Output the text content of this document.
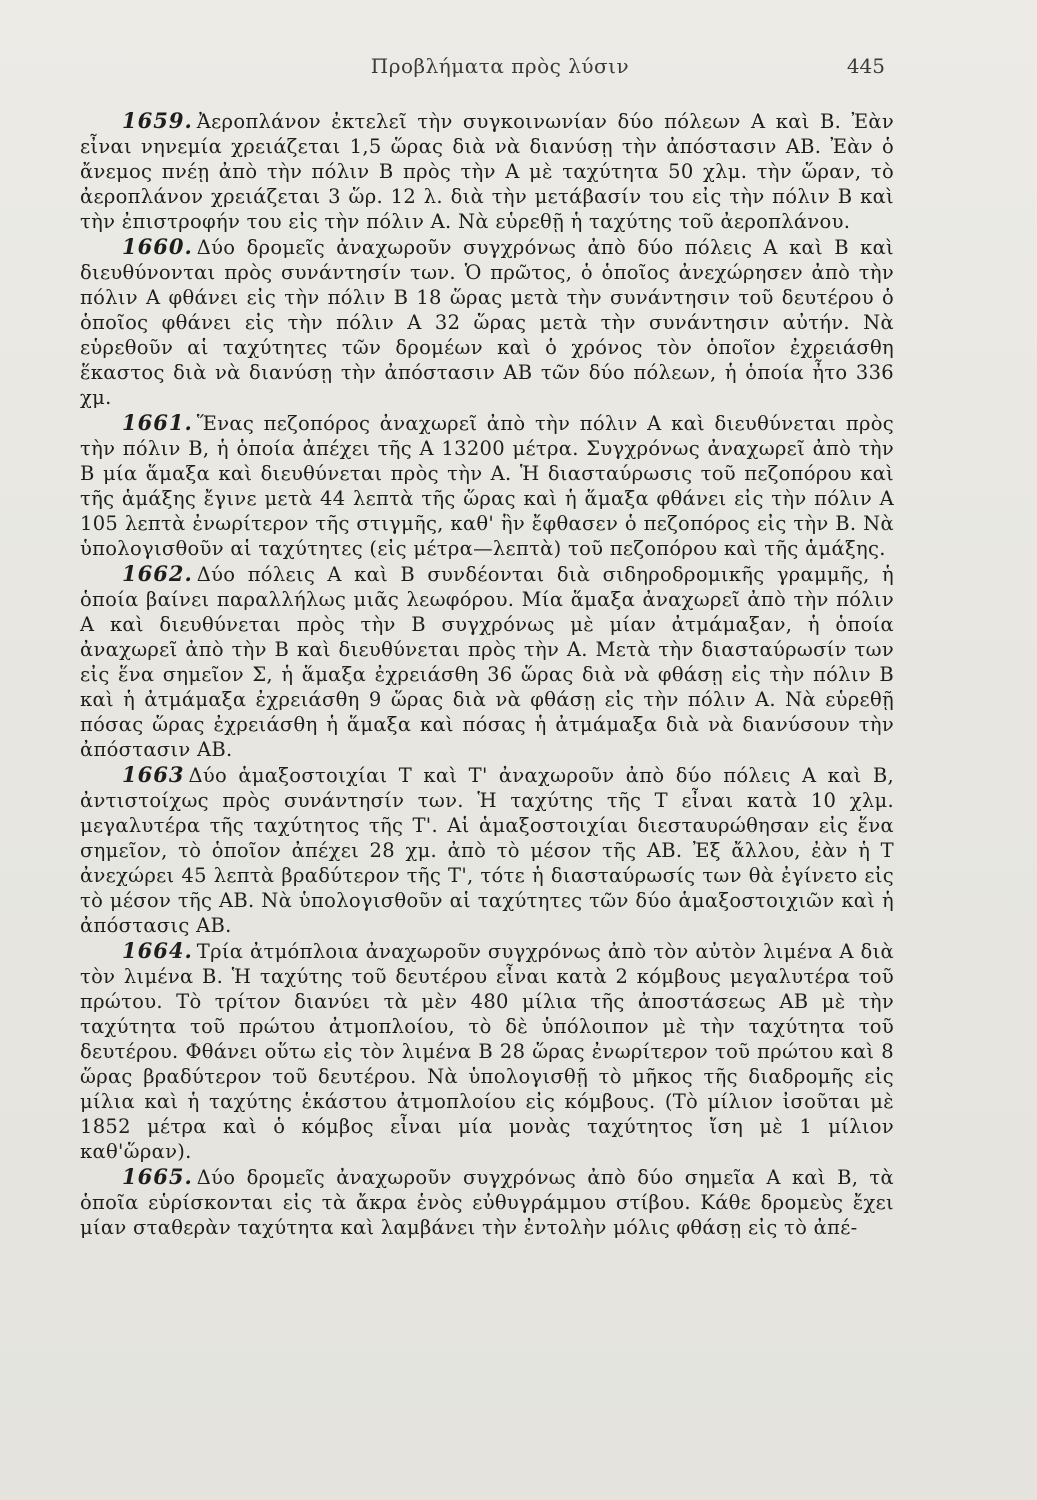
Προβλήματα πρὸς λύσιν	445

1659. Ἀεροπλάνον ἐκτελεῖ τὴν συγκοινωνίαν δύο πόλεων Α καὶ Β. Ἐὰν εἶναι νηνεμία χρειάζεται 1,5 ὥρας διὰ νὰ διανύσῃ τὴν ἀπόστασιν ΑΒ. Ἐὰν ὁ ἄνεμος πνέῃ ἀπὸ τὴν πόλιν Β πρὸς τὴν Α μὲ ταχύτητα 50 χλμ. τὴν ὥραν, τὸ ἀεροπλάνον χρειάζεται 3 ὥρ. 12 λ. διὰ τὴν μετάβασίν του εἰς τὴν πόλιν Β καὶ τὴν ἐπιστροφήν του εἰς τὴν πόλιν Α. Νὰ εὑρεθῇ ἡ ταχύτης τοῦ ἀεροπλάνου.

1660. Δύο δρομεῖς ἀναχωροῦν συγχρόνως ἀπὸ δύο πόλεις Α καὶ Β καὶ διευθύνονται πρὸς συνάντησίν των. Ὁ πρῶτος, ὁ ὁποῖος ἀνεχώρησεν ἀπὸ τὴν πόλιν Α φθάνει εἰς τὴν πόλιν Β 18 ὥρας μετὰ τὴν συνάντησιν τοῦ δευτέρου ὁ ὁποῖος φθάνει εἰς τὴν πόλιν Α 32 ὥρας μετὰ τὴν συνάντησιν αὐτήν. Νὰ εὑρεθοῦν αἱ ταχύτητες τῶν δρομέων καὶ ὁ χρόνος τὸν ὁποῖον ἐχρειάσθη ἕκαστος διὰ νὰ διανύσῃ τὴν ἀπόστασιν ΑΒ τῶν δύο πόλεων, ἡ ὁποία ἦτο 336 χμ.

1661. Ἕνας πεζοπόρος ἀναχωρεῖ ἀπὸ τὴν πόλιν Α καὶ διευθύνεται πρὸς τὴν πόλιν Β, ἡ ὁποία ἀπέχει τῆς Α 13200 μέτρα. Συγχρόνως ἀναχωρεῖ ἀπὸ τὴν Β μία ἅμαξα καὶ διευθύνεται πρὸς τὴν Α. Ἡ διασταύρωσις τοῦ πεζοπόρου καὶ τῆς ἁμάξης ἔγινε μετὰ 44 λεπτὰ τῆς ὥρας καὶ ἡ ἅμαξα φθάνει εἰς τὴν πόλιν Α 105 λεπτὰ ἐνωρίτερον τῆς στιγμῆς, καθ' ἣν ἔφθασεν ὁ πεζοπόρος εἰς τὴν Β. Νὰ ὑπολογισθοῦν αἱ ταχύτητες (εἰς μέτρα—λεπτὰ) τοῦ πεζοπόρου καὶ τῆς ἁμάξης.

1662. Δύο πόλεις Α καὶ Β συνδέονται διὰ σιδηροδρομικῆς γραμμῆς, ἡ ὁποία βαίνει παραλλήλως μιᾶς λεωφόρου. Μία ἅμαξα ἀναχωρεῖ ἀπὸ τὴν πόλιν Α καὶ διευθύνεται πρὸς τὴν Β συγχρόνως μὲ μίαν ἀτμάμαξαν, ἡ ὁποία ἀναχωρεῖ ἀπὸ τὴν Β καὶ διευθύνεται πρὸς τὴν Α. Μετὰ τὴν διασταύρωσίν των εἰς ἕνα σημεῖον Σ, ἡ ἅμαξα ἐχρειάσθη 36 ὥρας διὰ νὰ φθάσῃ εἰς τὴν πόλιν Β καὶ ἡ ἀτμάμαξα ἐχρειάσθη 9 ὥρας διὰ νὰ φθάσῃ εἰς τὴν πόλιν Α. Νὰ εὑρεθῇ πόσας ὥρας ἐχρειάσθη ἡ ἅμαξα καὶ πόσας ἡ ἀτμάμαξα διὰ νὰ διανύσουν τὴν ἀπόστασιν ΑΒ.

1663 Δύο ἁμαξοστοιχίαι Τ καὶ Τ' ἀναχωροῦν ἀπὸ δύο πόλεις Α καὶ Β, ἀντιστοίχως πρὸς συνάντησίν των. Ἡ ταχύτης τῆς Τ εἶναι κατὰ 10 χλμ. μεγαλυτέρα τῆς ταχύτητος τῆς Τ'. Αἱ ἁμαξοστοιχίαι διεσταυρώθησαν εἰς ἕνα σημεῖον, τὸ ὁποῖον ἀπέχει 28 χμ. ἀπὸ τὸ μέσον τῆς ΑΒ. Ἐξ ἄλλου, ἐὰν ἡ Τ ἀνεχώρει 45 λεπτὰ βραδύτερον τῆς Τ', τότε ἡ διασταύρωσίς των θὰ ἐγίνετο εἰς τὸ μέσον τῆς ΑΒ. Νὰ ὑπολογισθοῦν αἱ ταχύτητες τῶν δύο ἁμαξοστοιχιῶν καὶ ἡ ἀπόστασις ΑΒ.

1664. Τρία ἀτμόπλοια ἀναχωροῦν συγχρόνως ἀπὸ τὸν αὐτὸν λιμένα Α διὰ τὸν λιμένα Β. Ἡ ταχύτης τοῦ δευτέρου εἶναι κατὰ 2 κόμβους μεγαλυτέρα τοῦ πρώτου. Τὸ τρίτον διανύει τὰ μὲν 480 μίλια τῆς ἀποστάσεως ΑΒ μὲ τὴν ταχύτητα τοῦ πρώτου ἀτμοπλοίου, τὸ δὲ ὑπόλοιπον μὲ τὴν ταχύτητα τοῦ δευτέρου. Φθάνει οὕτω εἰς τὸν λιμένα Β 28 ὥρας ἐνωρίτερον τοῦ πρώτου καὶ 8 ὥρας βραδύτερον τοῦ δευτέρου. Νὰ ὑπολογισθῇ τὸ μῆκος τῆς διαδρομῆς εἰς μίλια καὶ ἡ ταχύτης ἑκάστου ἀτμοπλοίου εἰς κόμβους. (Τὸ μίλιον ἰσοῦται μὲ 1852 μέτρα καὶ ὁ κόμβος εἶναι μία μονὰς ταχύτητος ἴση μὲ 1 μίλιον καθ'ὥραν).

1665. Δύο δρομεῖς ἀναχωροῦν συγχρόνως ἀπὸ δύο σημεῖα Α καὶ Β, τὰ ὁποῖα εὑρίσκονται εἰς τὰ ἄκρα ἑνὸς εὐθυγράμμου στίβου. Κάθε δρομεὺς ἔχει μίαν σταθερὰν ταχύτητα καὶ λαμβάνει τὴν ἐντολὴν μόλις φθάσῃ εἰς τὸ ἀπέ-
